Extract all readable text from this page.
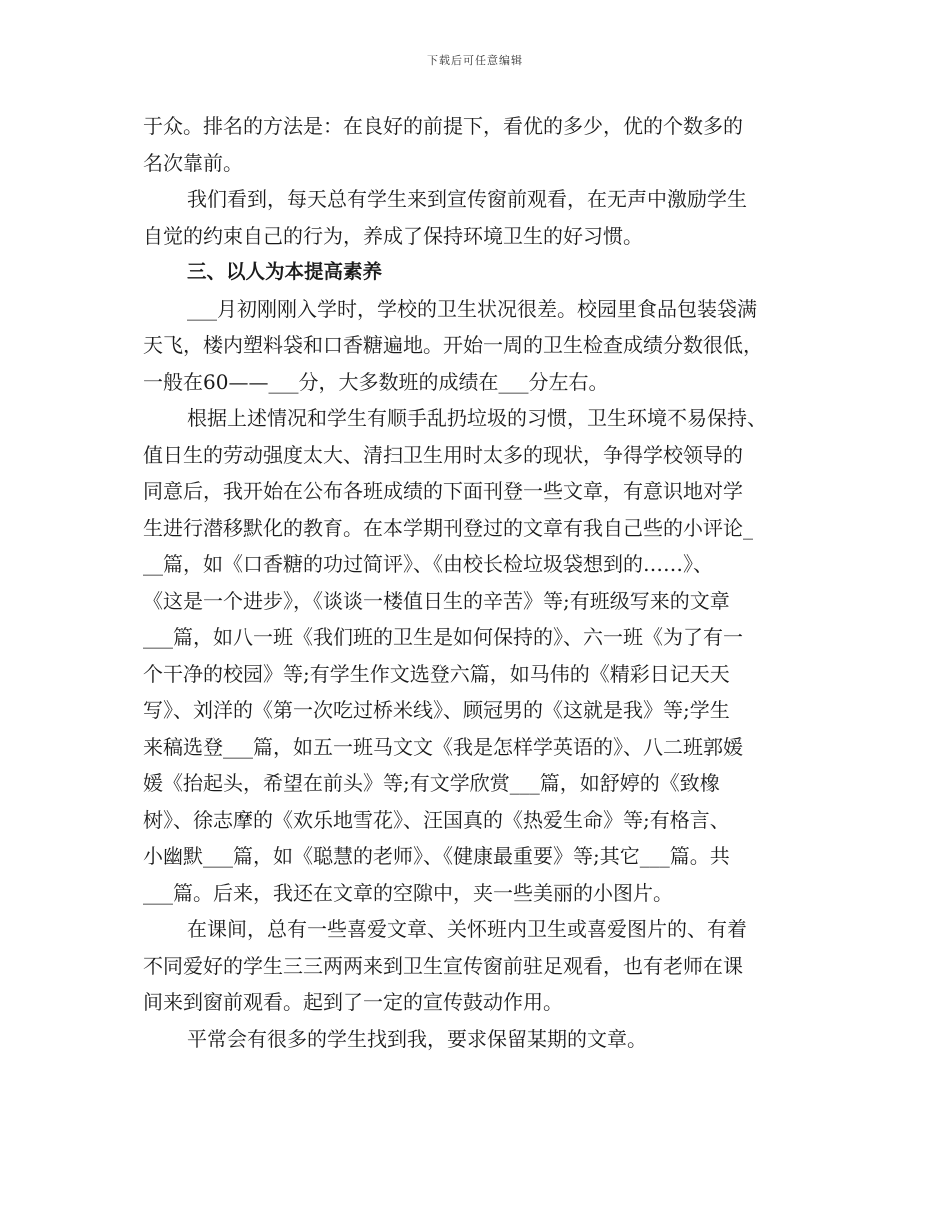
下载后可任意编辑
于众。排名的方法是：在良好的前提下，看优的多少，优的个数多的
名次靠前。
我们看到，每天总有学生来到宣传窗前观看，在无声中激励学生
自觉的约束自己的行为，养成了保持环境卫生的好习惯。
三、以人为本提高素养
___月初刚刚入学时，学校的卫生状况很差。校园里食品包装袋满
天飞，楼内塑料袋和口香糖遍地。开始一周的卫生检查成绩分数很低，
一般在60——___分，大多数班的成绩在___分左右。
根据上述情况和学生有顺手乱扔垃圾的习惯，卫生环境不易保持、
值日生的劳动强度太大、清扫卫生用时太多的现状，争得学校领导的
同意后，我开始在公布各班成绩的下面刊登一些文章，有意识地对学
生进行潜移默化的教育。在本学期刊登过的文章有我自己些的小评论_
__篇，如《口香糖的功过简评》、《由校长检垃圾袋想到的……》、
《这是一个进步》，《谈谈一楼值日生的辛苦》等;有班级写来的文章
___篇，如八一班《我们班的卫生是如何保持的》、六一班《为了有一
个干净的校园》等;有学生作文选登六篇，如马伟的《精彩日记天天
写》、刘洋的《第一次吃过桥米线》、顾冠男的《这就是我》等;学生
来稿选登___篇，如五一班马文文《我是怎样学英语的》、八二班郭媛
媛《抬起头，希望在前头》等;有文学欣赏___篇，如舒婷的《致橡
树》、徐志摩的《欢乐地雪花》、汪国真的《热爱生命》等;有格言、
小幽默___篇，如《聪慧的老师》、《健康最重要》等;其它___篇。共
___篇。后来，我还在文章的空隙中，夹一些美丽的小图片。
在课间，总有一些喜爱文章、关怀班内卫生或喜爱图片的、有着
不同爱好的学生三三两两来到卫生宣传窗前驻足观看，也有老师在课
间来到窗前观看。起到了一定的宣传鼓动作用。
平常会有很多的学生找到我，要求保留某期的文章。
